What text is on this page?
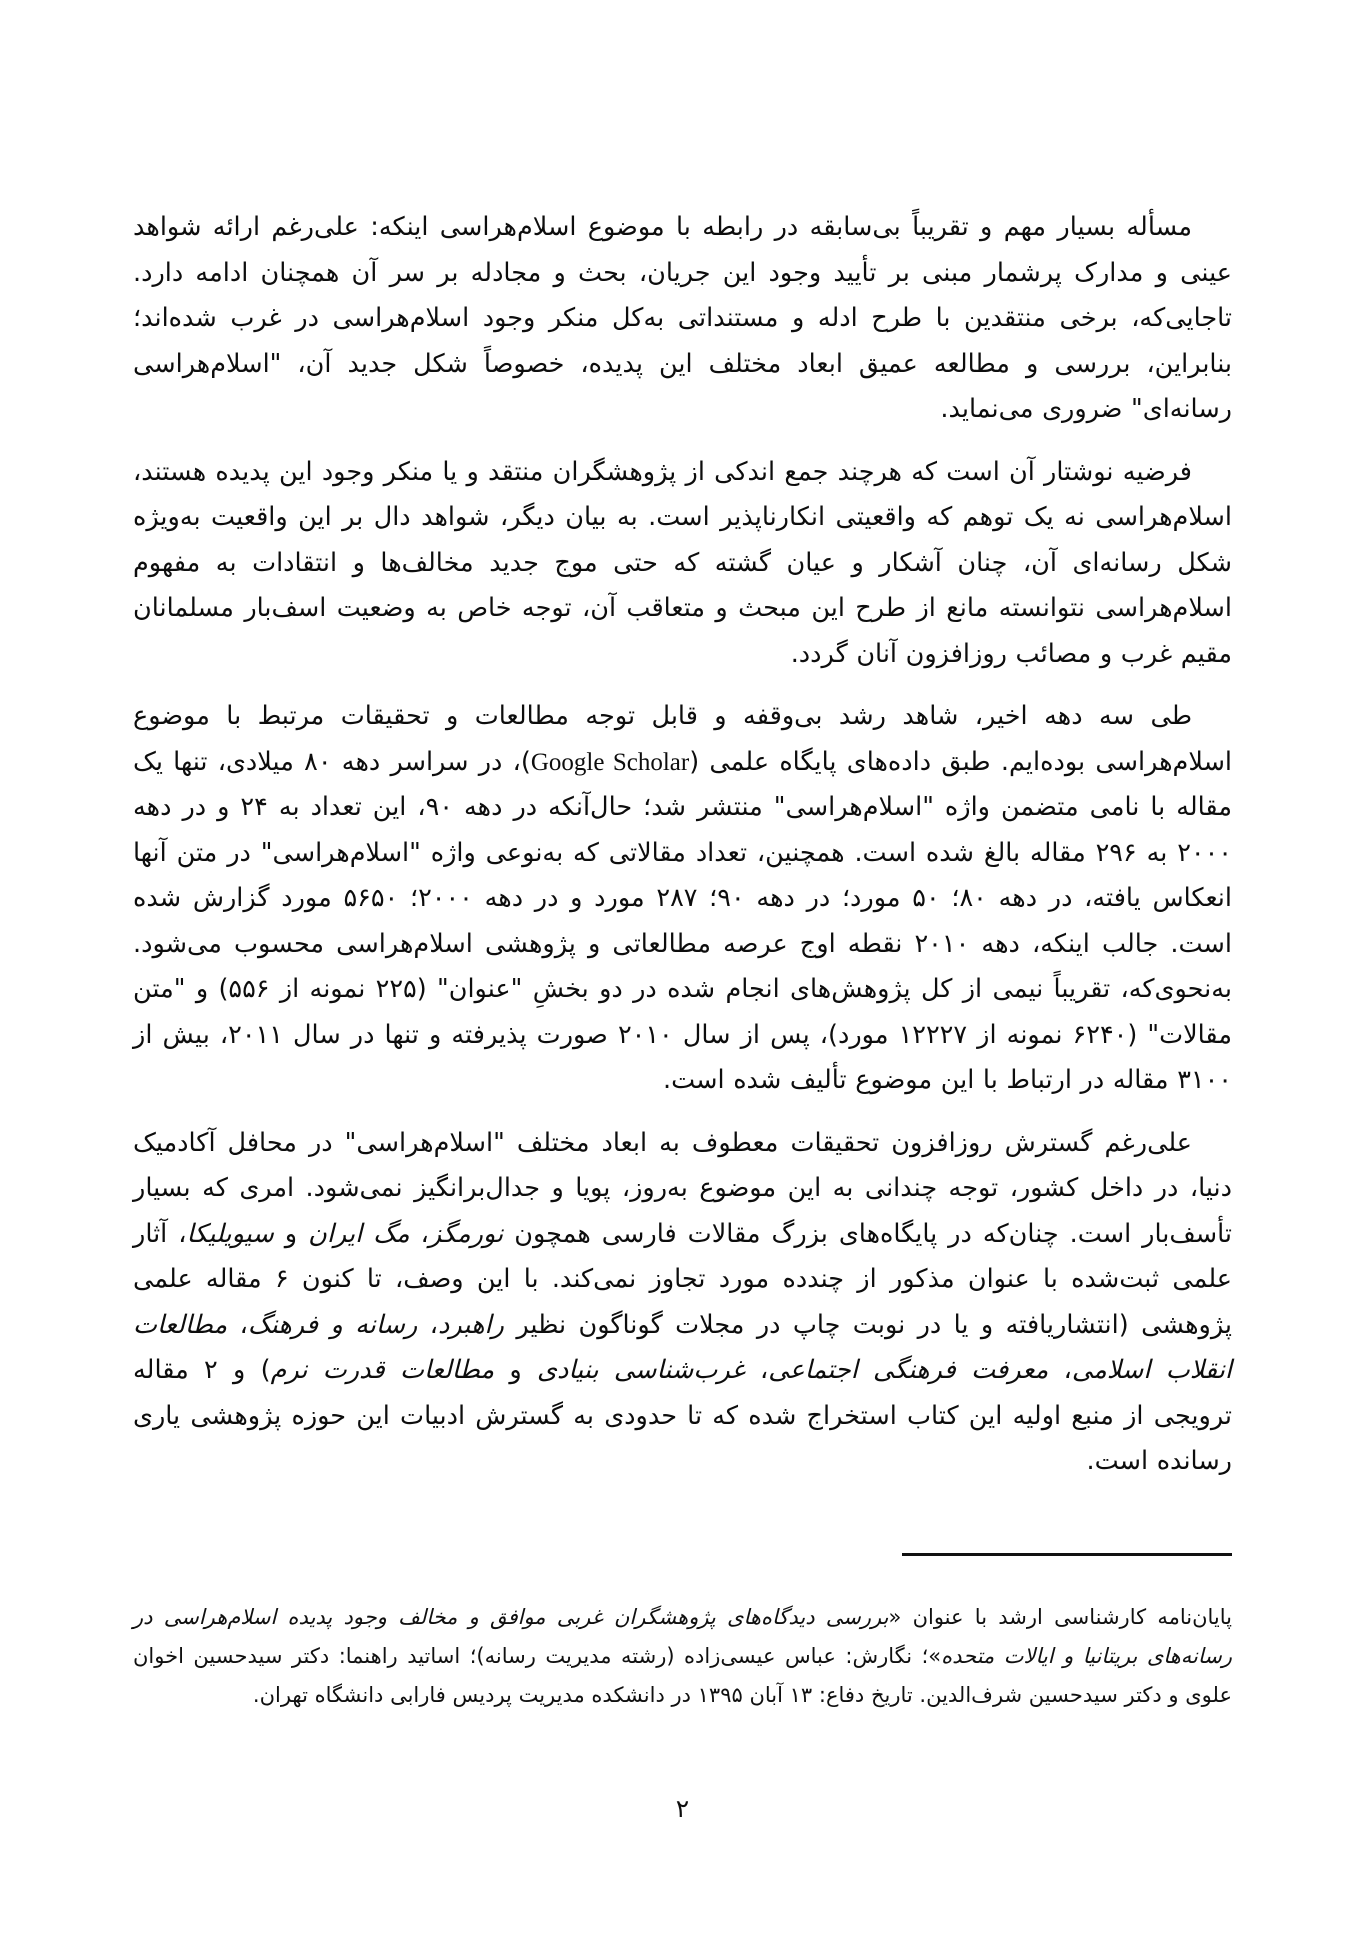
مسأله بسیار مهم و تقریباً بی‌سابقه در رابطه با موضوع اسلام‌هراسی اینکه: علی‌رغم ارائه شواهد عینی و مدارک پرشمار مبنی بر تأیید وجود این جریان، بحث و مجادله بر سر آن همچنان ادامه دارد. تاجایی‌که، برخی منتقدین با طرح ادله و مستنداتی به‌کل منکر وجود اسلام‌هراسی در غرب شده‌اند؛ بنابراین، بررسی و مطالعه عمیق ابعاد مختلف این پدیده، خصوصاً شکل جدید آن، "اسلام‌هراسی رسانه‌ای" ضروری می‌نماید.

فرضیه نوشتار آن است که هرچند جمع اندکی از پژوهشگران منتقد و یا منکر وجود این پدیده هستند، اسلام‌هراسی نه یک توهم که واقعیتی انکارناپذیر است. به بیان دیگر، شواهد دال بر این واقعیت به‌ویژه شکل رسانه‌ای آن، چنان آشکار و عیان گشته که حتی موج جدید مخالف‌ها و انتقادات به مفهوم اسلام‌هراسی نتوانسته مانع از طرح این مبحث و متعاقب آن، توجه خاص به وضعیت اسف‌بار مسلمانان مقیم غرب و مصائب روزافزون آنان گردد.

طی سه دهه اخیر، شاهد رشد بی‌وقفه و قابل توجه مطالعات و تحقیقات مرتبط با موضوع اسلام‌هراسی بوده‌ایم. طبق داده‌های پایگاه علمی (Google Scholar)، در سراسر دهه ۸۰ میلادی، تنها یک مقاله با نامی متضمن واژه "اسلام‌هراسی" منتشر شد؛ حال‌آنکه در دهه ۹۰، این تعداد به ۲۴ و در دهه ۲۰۰۰ به ۲۹۶ مقاله بالغ شده است. همچنین، تعداد مقالاتی که به‌نوعی واژه "اسلام‌هراسی" در متن آنها انعکاس یافته، در دهه ۸۰؛ ۵۰ مورد؛ در دهه ۹۰؛ ۲۸۷ مورد و در دهه ۲۰۰۰؛ ۵۶۵۰ مورد گزارش شده است. جالب اینکه، دهه ۲۰۱۰ نقطه اوج عرصه مطالعاتی و پژوهشی اسلام‌هراسی محسوب می‌شود. به‌نحوی‌که، تقریباً نیمی از کل پژوهش‌های انجام شده در دو بخشِ "عنوان" (۲۲۵ نمونه از ۵۵۶) و "متن مقالات" (۶۲۴۰ نمونه از ۱۲۲۲۷ مورد)، پس از سال ۲۰۱۰ صورت پذیرفته و تنها در سال ۲۰۱۱، بیش از ۳۱۰۰ مقاله در ارتباط با این موضوع تألیف شده است.

علی‌رغم گسترش روزافزون تحقیقات معطوف به ابعاد مختلف "اسلام‌هراسی" در محافل آکادمیک دنیا، در داخل کشور، توجه چندانی به این موضوع به‌روز، پویا و جدال‌برانگیز نمی‌شود. امری که بسیار تأسف‌بار است. چنان‌که در پایگاه‌های بزرگ مقالات فارسی همچون نورمگز، مگ ایران و سیویلیکا، آثار علمی ثبت‌شده با عنوان مذکور از چندده مورد تجاوز نمی‌کند. با این وصف، تا کنون ۶ مقاله علمی پژوهشی (انتشاریافته و یا در نوبت چاپ در مجلات گوناگون نظیر راهبرد، رسانه و فرهنگ، مطالعات انقلاب اسلامی، معرفت فرهنگی اجتماعی، غرب‌شناسی بنیادی و مطالعات قدرت نرم) و ۲ مقاله ترویجی از منبع اولیه این کتاب استخراج شده که تا حدودی به گسترش ادبیات این حوزه پژوهشی یاری رسانده است.

پایان‌نامه کارشناسی ارشد با عنوان «بررسی دیدگاه‌های پژوهشگران غربی موافق و مخالف وجود پدیده اسلام‌هراسی در رسانه‌های بریتانیا و ایالات متحده»؛ نگارش: عباس عیسی‌زاده (رشته مدیریت رسانه)؛ اساتید راهنما: دکتر سیدحسین اخوان علوی و دکتر سیدحسین شرف‌الدین. تاریخ دفاع: ۱۳ آبان ۱۳۹۵ در دانشکده مدیریت پردیس فارابی دانشگاه تهران.

۲
